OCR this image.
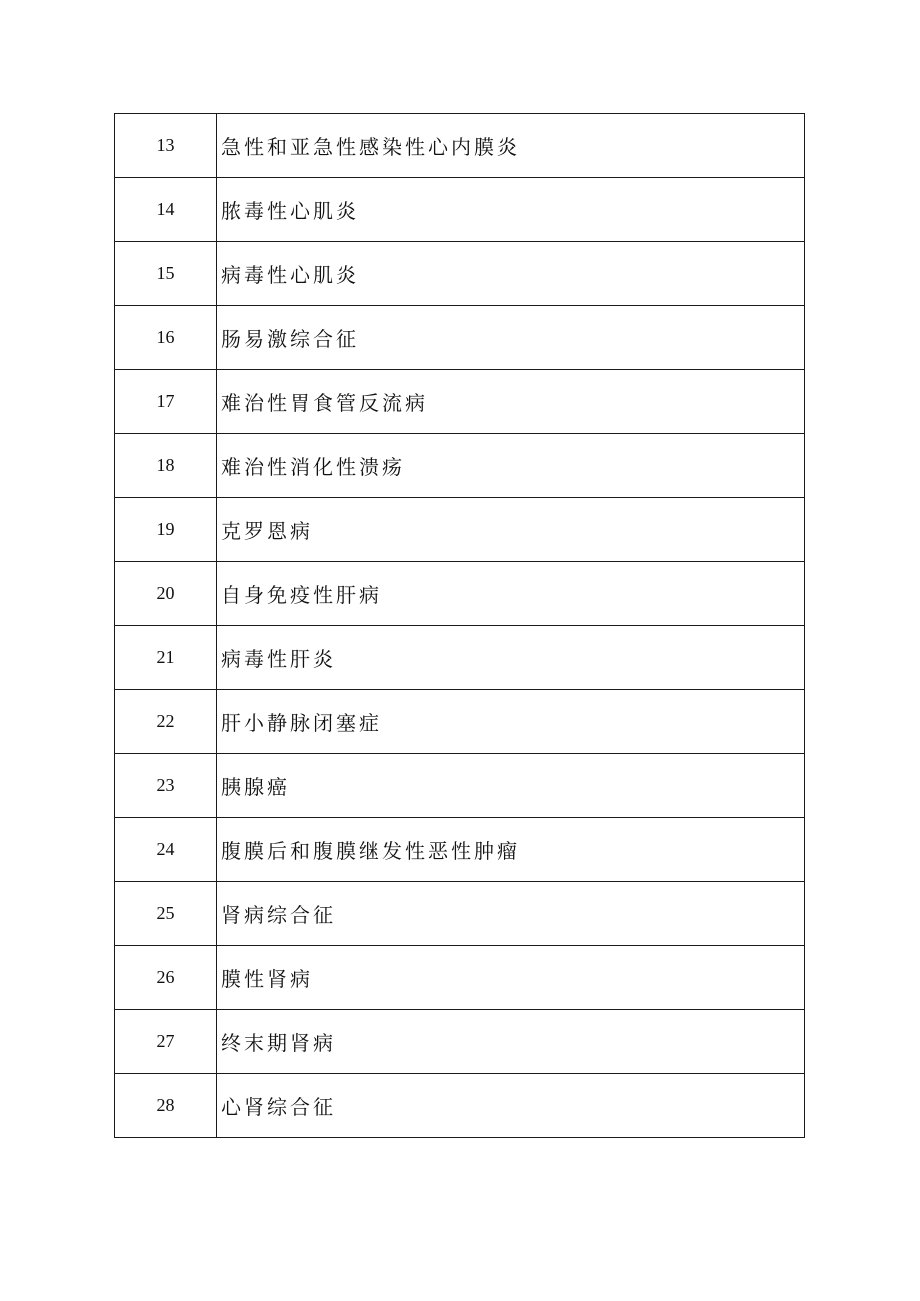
13	急性和亚急性感染性心内膜炎
14	脓毒性心肌炎
15	病毒性心肌炎
16	肠易激综合征
17	难治性胃食管反流病
18	难治性消化性溃疡
19	克罗恩病
20	自身免疫性肝病
21	病毒性肝炎
22	肝小静脉闭塞症
23	胰腺癌
24	腹膜后和腹膜继发性恶性肿瘤
25	肾病综合征
26	膜性肾病
27	终末期肾病
28	心肾综合征
